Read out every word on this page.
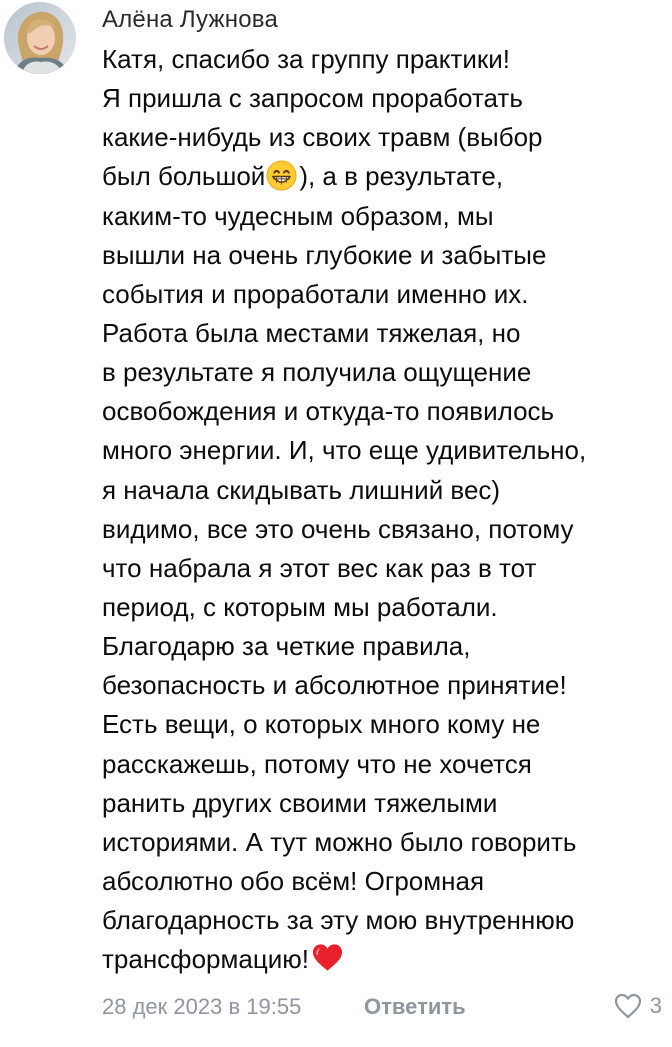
Алёна Лужнова
Катя, спасибо за группу практики!
Я пришла с запросом проработать
какие-нибудь из своих травм (выбор
был большой ), а в результате,
каким-то чудесным образом, мы
вышли на очень глубокие и забытые
события и проработали именно их.
Работа была местами тяжелая, но
в результате я получила ощущение
освобождения и откуда-то появилось
много энергии. И, что еще удивительно,
я начала скидывать лишний вес)
видимо, все это очень связано, потому
что набрала я этот вес как раз в тот
период, с которым мы работали.
Благодарю за четкие правила,
безопасность и абсолютное принятие!
Есть вещи, о которых много кому не
расскажешь, потому что не хочется
ранить других своими тяжелыми
историями. А тут можно было говорить
абсолютно обо всём! Огромная
благодарность за эту мою внутреннюю
трансформацию!
28 дек 2023 в 19:55	Ответить	3
